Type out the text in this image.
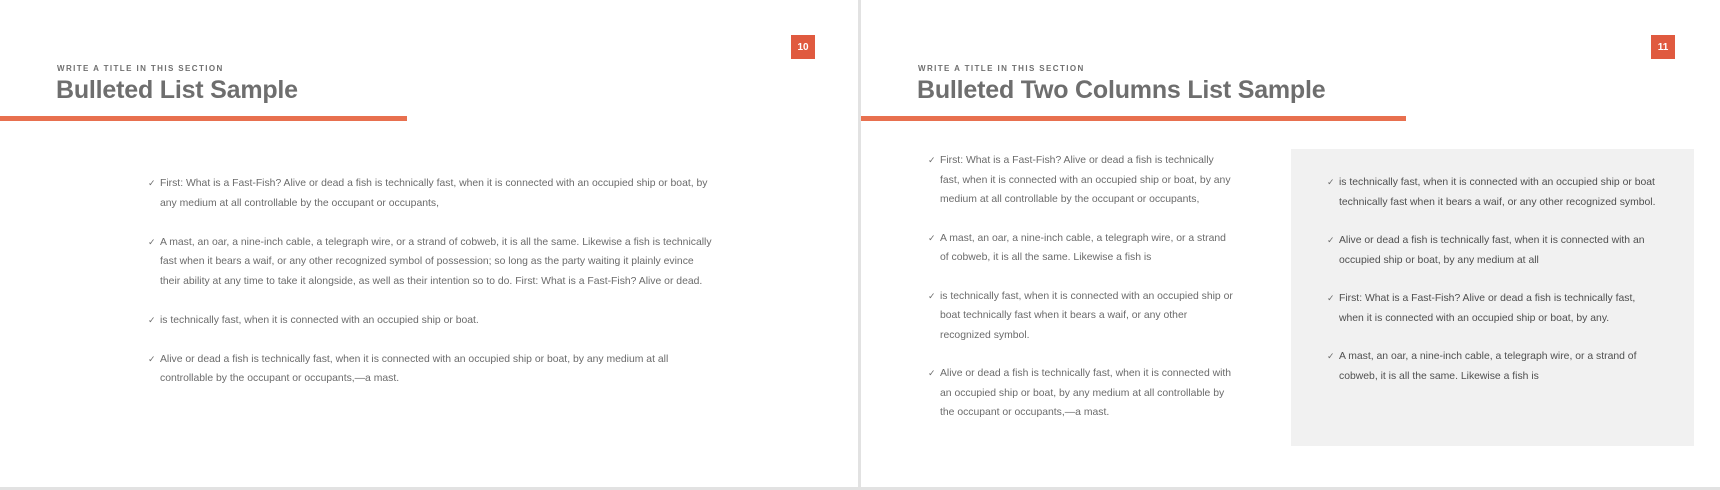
WRITE A TITLE IN THIS SECTION
Bulleted List Sample
10
✓ First: What is a Fast-Fish? Alive or dead a fish is technically fast, when it is connected with an occupied ship or boat, by any medium at all controllable by the occupant or occupants,
✓ A mast, an oar, a nine-inch cable, a telegraph wire, or a strand of cobweb, it is all the same. Likewise a fish is technically fast when it bears a waif, or any other recognized symbol of possession; so long as the party waiting it plainly evince their ability at any time to take it alongside, as well as their intention so to do. First: What is a Fast-Fish? Alive or dead.
✓ is technically fast, when it is connected with an occupied ship or boat.
✓ Alive or dead a fish is technically fast, when it is connected with an occupied ship or boat, by any medium at all controllable by the occupant or occupants,—a mast.
WRITE A TITLE IN THIS SECTION
Bulleted Two Columns List Sample
11
✓ First: What is a Fast-Fish? Alive or dead a fish is technically fast, when it is connected with an occupied ship or boat, by any medium at all controllable by the occupant or occupants,
✓ A mast, an oar, a nine-inch cable, a telegraph wire, or a strand of cobweb, it is all the same. Likewise a fish is
✓ is technically fast, when it is connected with an occupied ship or boat technically fast when it bears a waif, or any other recognized symbol.
✓ Alive or dead a fish is technically fast, when it is connected with an occupied ship or boat, by any medium at all controllable by the occupant or occupants,—a mast.
✓ is technically fast, when it is connected with an occupied ship or boat technically fast when it bears a waif, or any other recognized symbol.
✓ Alive or dead a fish is technically fast, when it is connected with an occupied ship or boat, by any medium at all
✓ First: What is a Fast-Fish? Alive or dead a fish is technically fast, when it is connected with an occupied ship or boat, by any.
✓ A mast, an oar, a nine-inch cable, a telegraph wire, or a strand of cobweb, it is all the same. Likewise a fish is
